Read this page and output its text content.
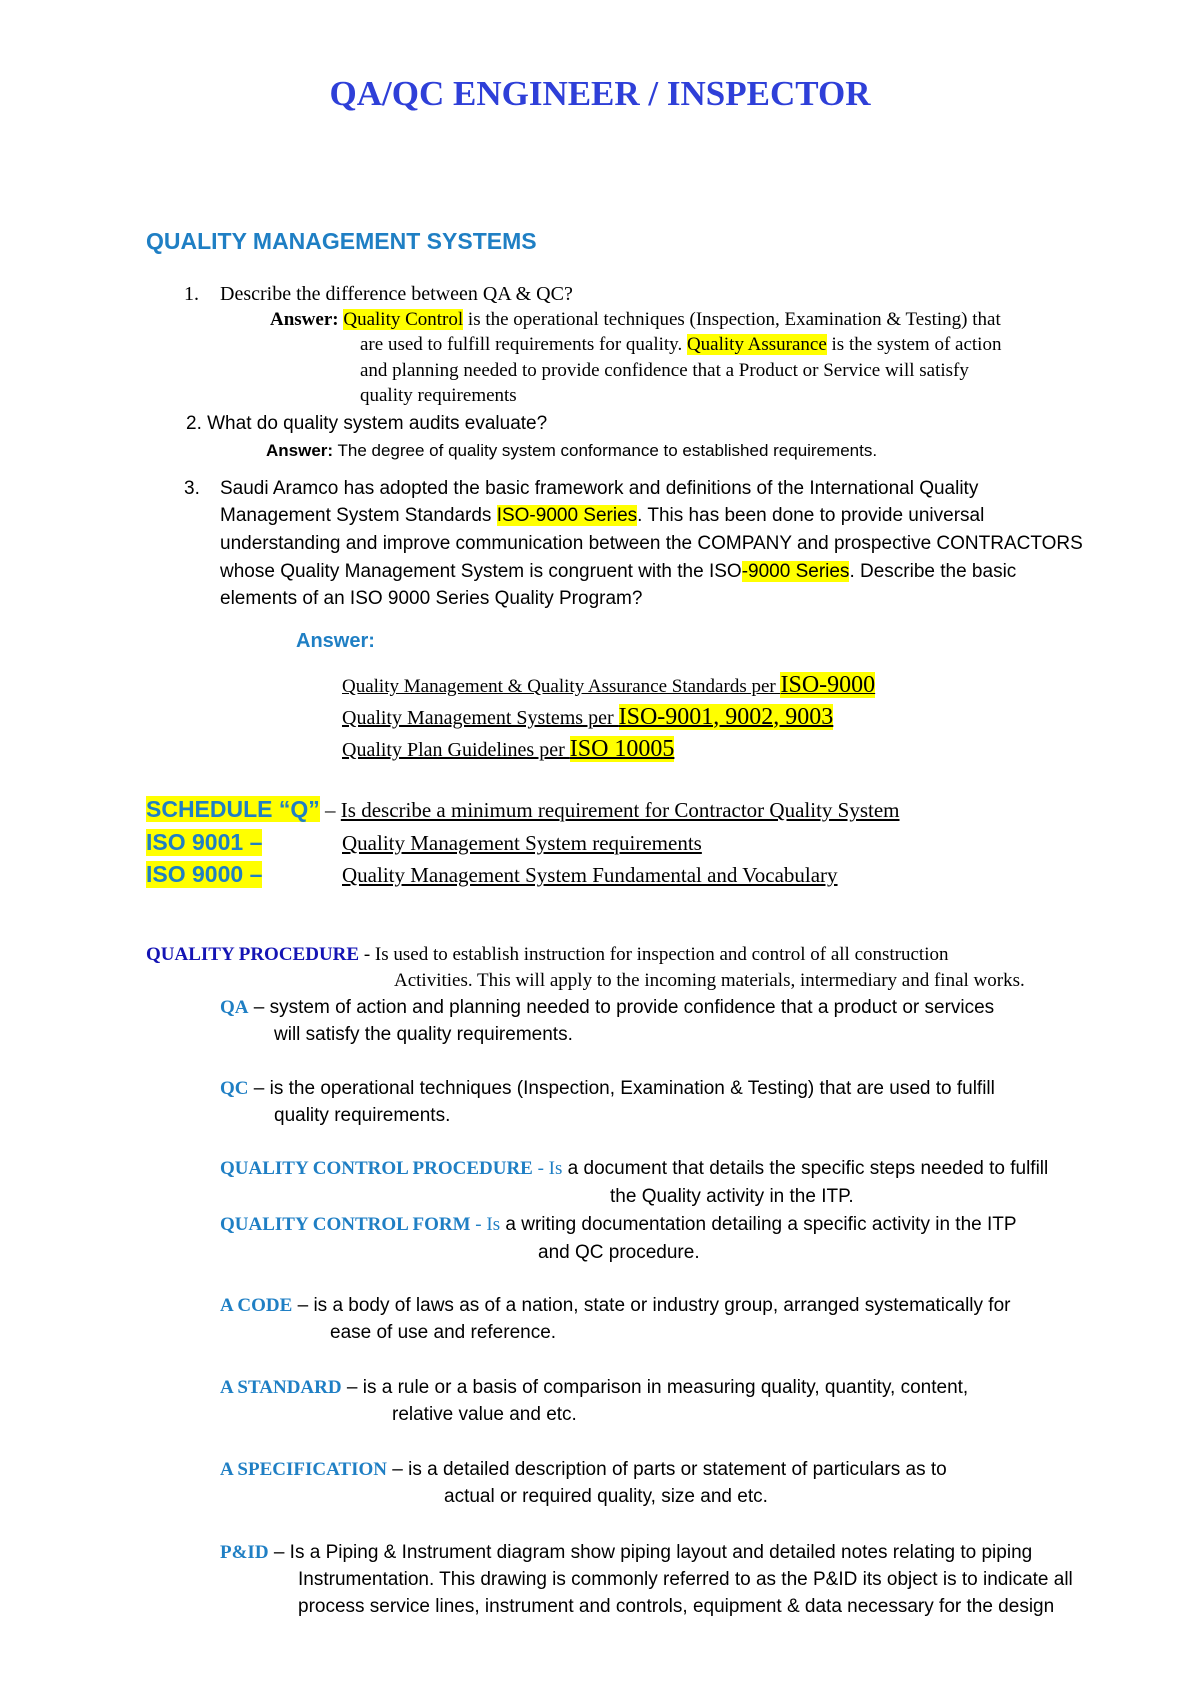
QA/QC ENGINEER / INSPECTOR
QUALITY MANAGEMENT SYSTEMS
1. Describe the difference between QA & QC?
Answer: Quality Control is the operational techniques (Inspection, Examination & Testing) that
are used to fulfill requirements for quality. Quality Assurance is the system of action
and planning needed to provide confidence that a Product or Service will satisfy
quality requirements
2. What do quality system audits evaluate?
Answer: The degree of quality system conformance to established requirements.
3. Saudi Aramco has adopted the basic framework and definitions of the International Quality
Management System Standards ISO-9000 Series. This has been done to provide universal
understanding and improve communication between the COMPANY and prospective CONTRACTORS
whose Quality Management System is congruent with the ISO-9000 Series. Describe the basic
elements of an ISO 9000 Series Quality Program?
Answer:
Quality Management & Quality Assurance Standards per ISO-9000
Quality Management Systems per ISO-9001, 9002, 9003
Quality Plan Guidelines per ISO 10005
SCHEDULE “Q” – Is describe a minimum requirement for Contractor Quality System
ISO 9001 –	Quality Management System requirements
ISO 9000 –	Quality Management System Fundamental and Vocabulary
QUALITY PROCEDURE - Is used to establish instruction for inspection and control of all construction
Activities. This will apply to the incoming materials, intermediary and final works.
QA – system of action and planning needed to provide confidence that a product or services
will satisfy the quality requirements.
QC – is the operational techniques (Inspection, Examination & Testing) that are used to fulfill
quality requirements.
QUALITY CONTROL PROCEDURE - Is a document that details the specific steps needed to fulfill
the Quality activity in the ITP.
QUALITY CONTROL FORM - Is a writing documentation detailing a specific activity in the ITP
and QC procedure.
A CODE – is a body of laws as of a nation, state or industry group, arranged systematically for
ease of use and reference.
A STANDARD – is a rule or a basis of comparison in measuring quality, quantity, content,
relative value and etc.
A SPECIFICATION – is a detailed description of parts or statement of particulars as to
actual or required quality, size and etc.
P&ID – Is a Piping & Instrument diagram show piping layout and detailed notes relating to piping
Instrumentation. This drawing is commonly referred to as the P&ID its object is to indicate all
process service lines, instrument and controls, equipment & data necessary for the design
